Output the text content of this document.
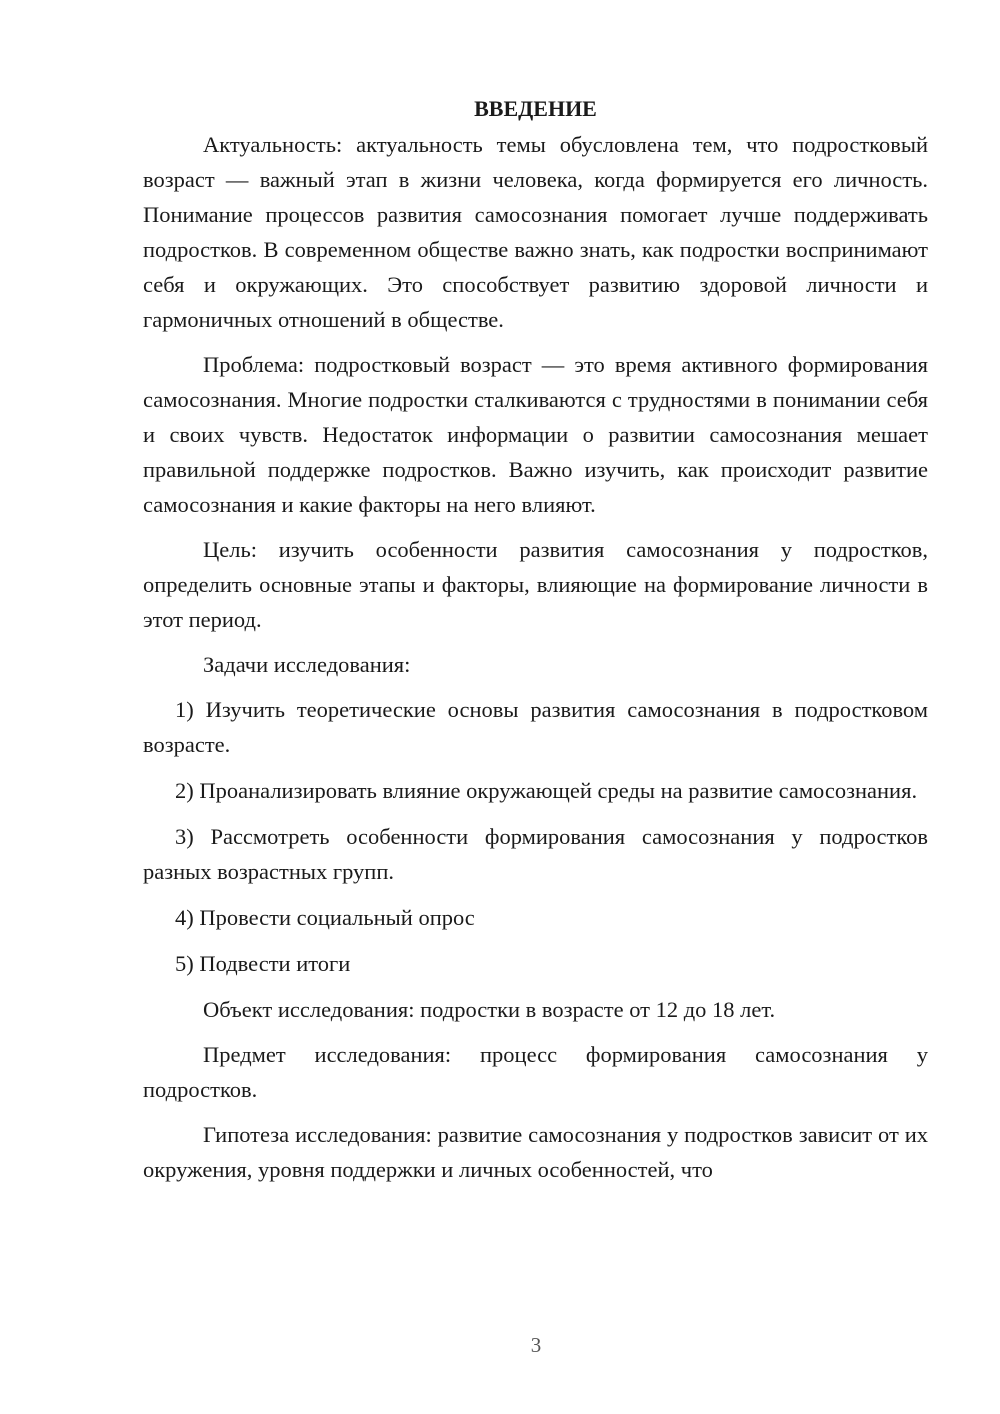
ВВЕДЕНИЕ

Актуальность: актуальность темы обусловлена тем, что подростковый возраст — важный этап в жизни человека, когда формируется его личность. Понимание процессов развития самосознания помогает лучше поддерживать подростков. В современном обществе важно знать, как подростки воспринимают себя и окружающих. Это способствует развитию здоровой личности и гармоничных отношений в обществе.

Проблема: подростковый возраст — это время активного формирования самосознания. Многие подростки сталкиваются с трудностями в понимании себя и своих чувств. Недостаток информации о развитии самосознания мешает правильной поддержке подростков. Важно изучить, как происходит развитие самосознания и какие факторы на него влияют.

Цель: изучить особенности развития самосознания у подростков, определить основные этапы и факторы, влияющие на формирование личности в этот период.

Задачи исследования:

1) Изучить теоретические основы развития самосознания в подростковом возрасте.

2) Проанализировать влияние окружающей среды на развитие самосознания.

3) Рассмотреть особенности формирования самосознания у подростков разных возрастных групп.

4) Провести социальный опрос

5) Подвести итоги

Объект исследования: подростки в возрасте от 12 до 18 лет.

Предмет исследования: процесс формирования самосознания у подростков.

Гипотеза исследования: развитие самосознания у подростков зависит от их окружения, уровня поддержки и личных особенностей, что

3
